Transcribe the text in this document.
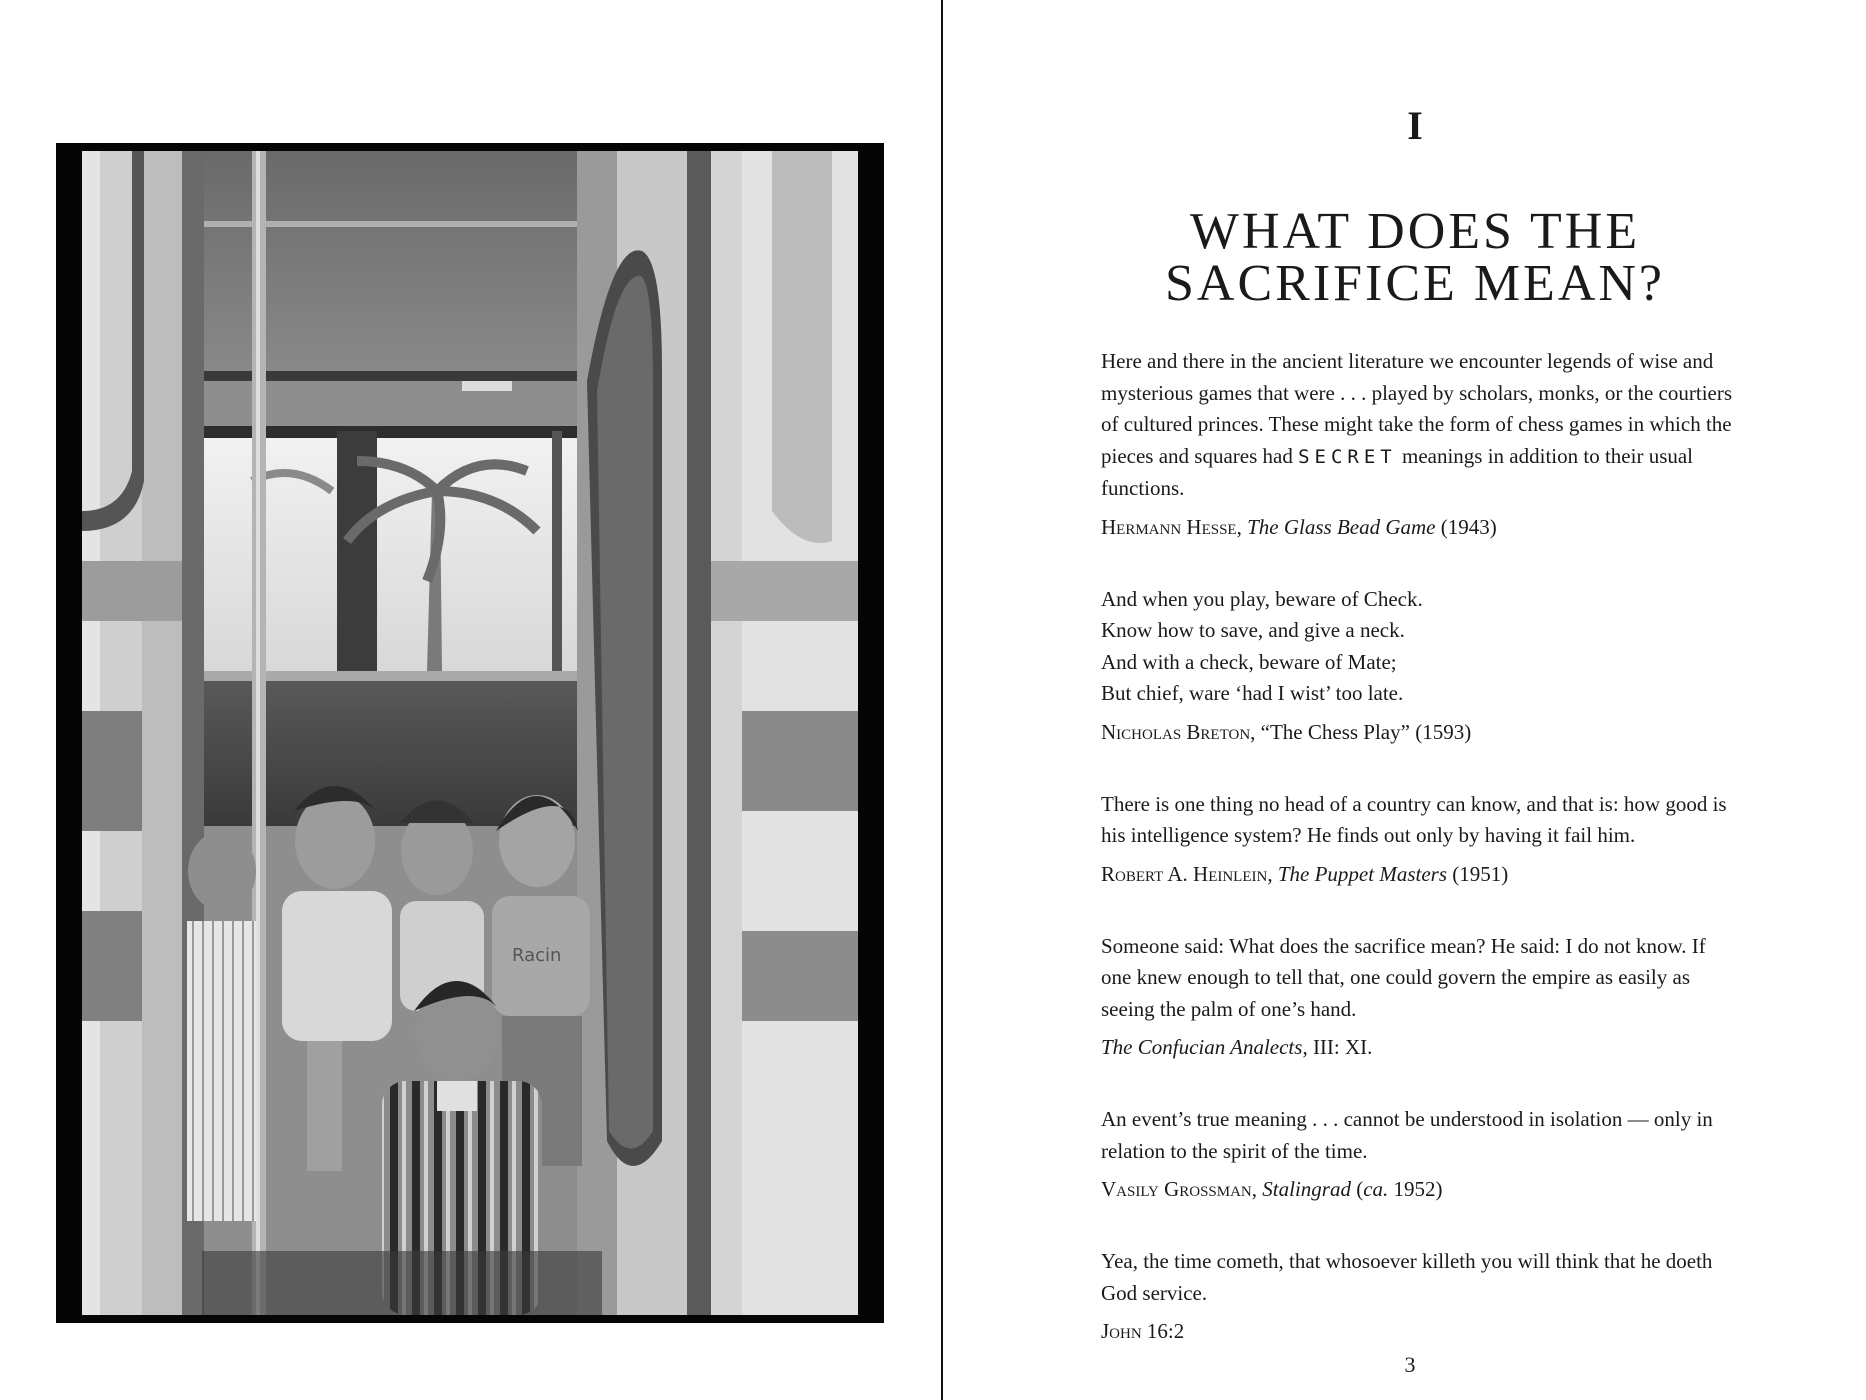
Racin
I
WHAT DOES THE
SACRIFICE MEAN?

Here and there in the ancient literature we encounter legends of wise and mysterious games that were . . . played by scholars, monks, or the courtiers of cultured princes. These might take the form of chess games in which the pieces and squares had SECRET meanings in addition to their usual functions.

Hermann Hesse, The Glass Bead Game (1943)
And when you play, beware of Check.
Know how to save, and give a neck.
And with a check, beware of Mate;
But chief, ware ‘had I wist’ too late.
Nicholas Breton, “The Chess Play” (1593)

There is one thing no head of a country can know, and that is: how good is his intelligence system? He finds out only by having it fail him.

Robert A. Heinlein, The Puppet Masters (1951)

Someone said: What does the sacrifice mean? He said: I do not know. If one knew enough to tell that, one could govern the empire as easily as seeing the palm of one’s hand.

The Confucian Analects, III: XI.

An event’s true meaning . . . cannot be understood in isolation — only in relation to the spirit of the time.

Vasily Grossman, Stalingrad (ca. 1952)

Yea, the time cometh, that whosoever killeth you will think that he doeth God service.

John 16:2
3
